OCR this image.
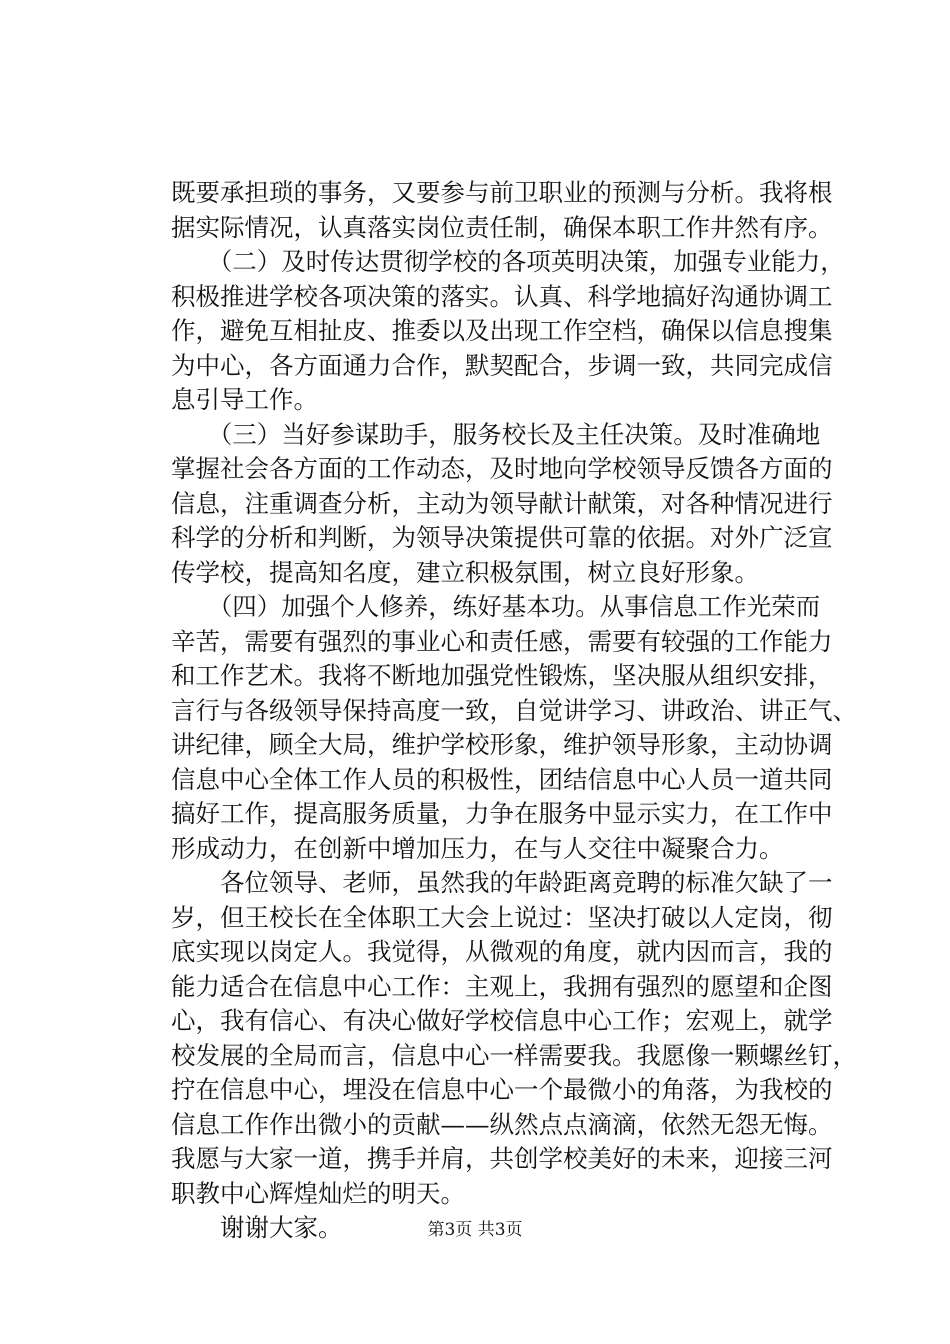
既要承担琐的事务，又要参与前卫职业的预测与分析。我将根
据实际情况，认真落实岗位责任制，确保本职工作井然有序。
　　（二）及时传达贯彻学校的各项英明决策，加强专业能力，
积极推进学校各项决策的落实。认真、科学地搞好沟通协调工
作，避免互相扯皮、推委以及出现工作空档，确保以信息搜集
为中心，各方面通力合作，默契配合，步调一致，共同完成信
息引导工作。
　　（三）当好参谋助手，服务校长及主任决策。及时准确地
掌握社会各方面的工作动态，及时地向学校领导反馈各方面的
信息，注重调查分析，主动为领导献计献策，对各种情况进行
科学的分析和判断，为领导决策提供可靠的依据。对外广泛宣
传学校，提高知名度，建立积极氛围，树立良好形象。
　　（四）加强个人修养，练好基本功。从事信息工作光荣而
辛苦，需要有强烈的事业心和责任感，需要有较强的工作能力
和工作艺术。我将不断地加强党性锻炼，坚决服从组织安排，
言行与各级领导保持高度一致，自觉讲学习、讲政治、讲正气、
讲纪律，顾全大局，维护学校形象，维护领导形象，主动协调
信息中心全体工作人员的积极性，团结信息中心人员一道共同
搞好工作，提高服务质量，力争在服务中显示实力，在工作中
形成动力，在创新中增加压力，在与人交往中凝聚合力。
　　各位领导、老师，虽然我的年龄距离竞聘的标准欠缺了一
岁，但王校长在全体职工大会上说过：坚决打破以人定岗，彻
底实现以岗定人。我觉得，从微观的角度，就内因而言，我的
能力适合在信息中心工作：主观上，我拥有强烈的愿望和企图
心，我有信心、有决心做好学校信息中心工作；宏观上，就学
校发展的全局而言，信息中心一样需要我。我愿像一颗螺丝钉，
拧在信息中心，埋没在信息中心一个最微小的角落，为我校的
信息工作作出微小的贡献——纵然点点滴滴，依然无怨无悔。
我愿与大家一道，携手并肩，共创学校美好的未来，迎接三河
职教中心辉煌灿烂的明天。
　　谢谢大家。	第3页 共3页
